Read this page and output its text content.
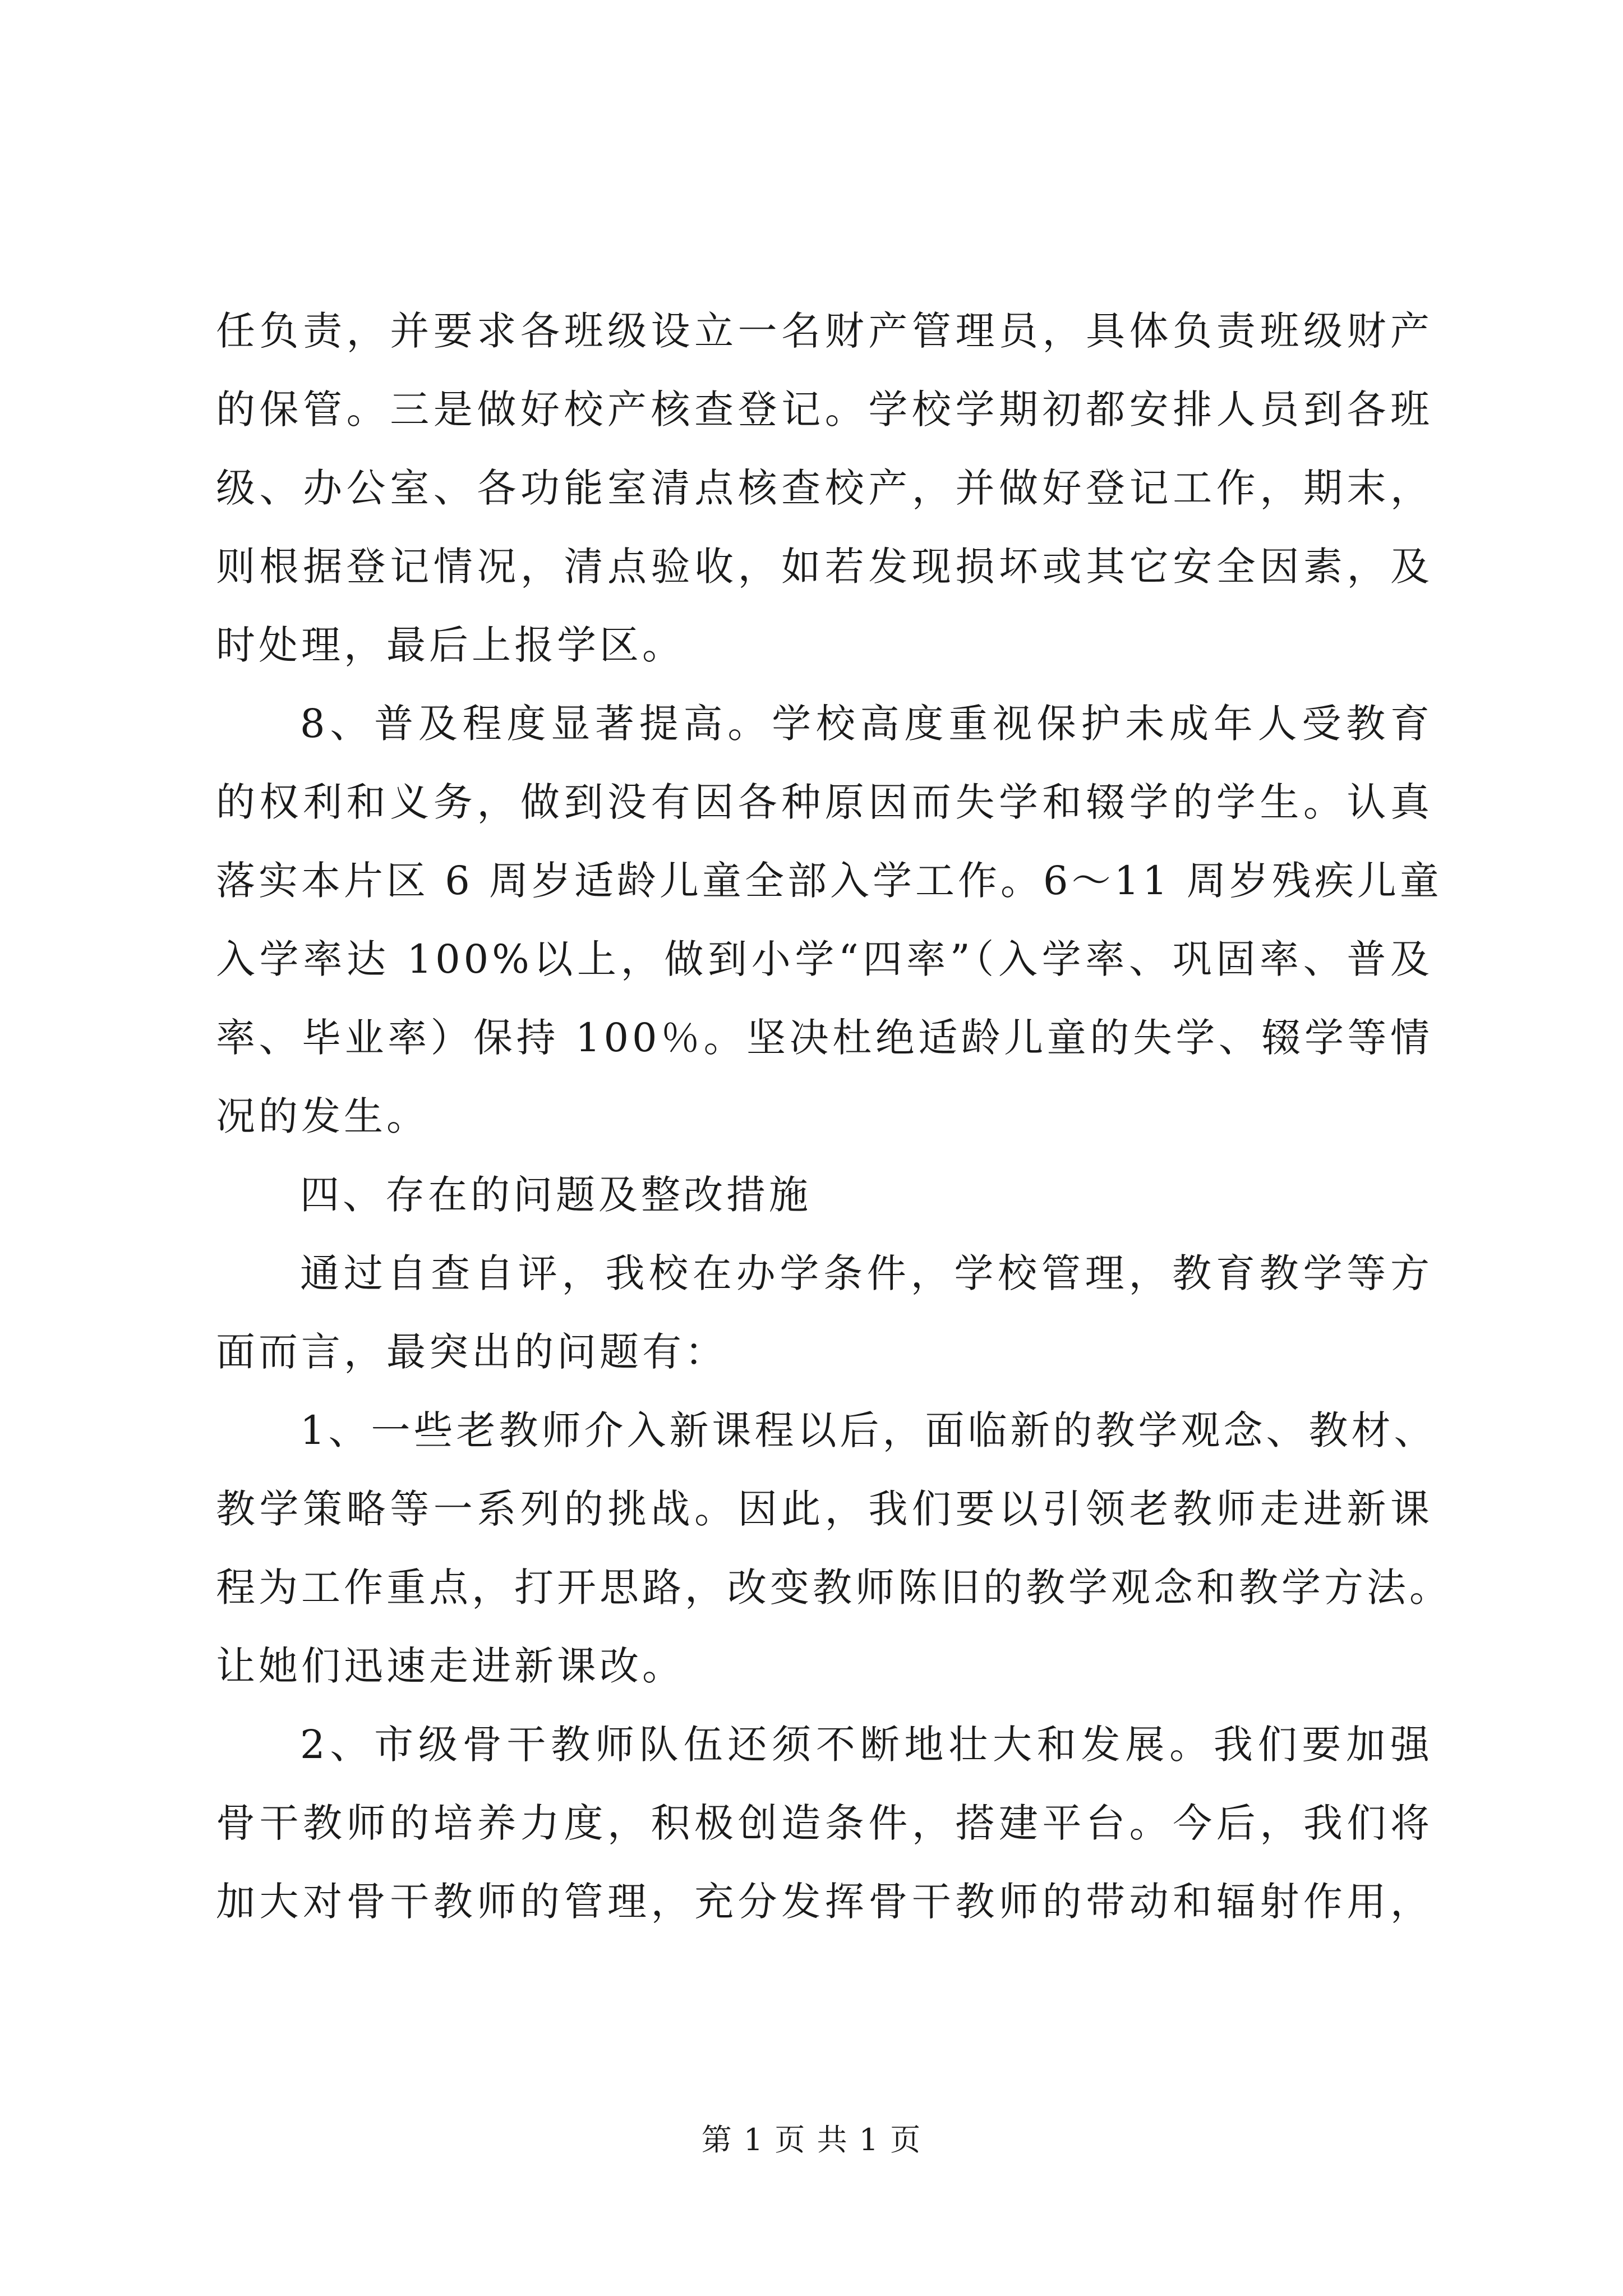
任负责，并要求各班级设立一名财产管理员，具体负责班级财产
的保管。三是做好校产核查登记。学校学期初都安排人员到各班
级、办公室、各功能室清点核查校产，并做好登记工作，期末，
则根据登记情况，清点验收，如若发现损坏或其它安全因素，及
时处理，最后上报学区。
8、普及程度显著提高。学校高度重视保护未成年人受教育
的权利和义务，做到没有因各种原因而失学和辍学的学生。认真
落实本片区 6 周岁适龄儿童全部入学工作。6～11 周岁残疾儿童
入学率达 100%以上，做到小学“四率”（入学率、巩固率、普及
率、毕业率）保持 100％。坚决杜绝适龄儿童的失学、辍学等情
况的发生。
四、存在的问题及整改措施
通过自查自评，我校在办学条件，学校管理，教育教学等方
面而言，最突出的问题有：
1、一些老教师介入新课程以后，面临新的教学观念、教材、
教学策略等一系列的挑战。因此，我们要以引领老教师走进新课
程为工作重点，打开思路，改变教师陈旧的教学观念和教学方法。
让她们迅速走进新课改。
2、市级骨干教师队伍还须不断地壮大和发展。我们要加强
骨干教师的培养力度，积极创造条件，搭建平台。今后，我们将
加大对骨干教师的管理，充分发挥骨干教师的带动和辐射作用，
第 1 页 共 1 页
